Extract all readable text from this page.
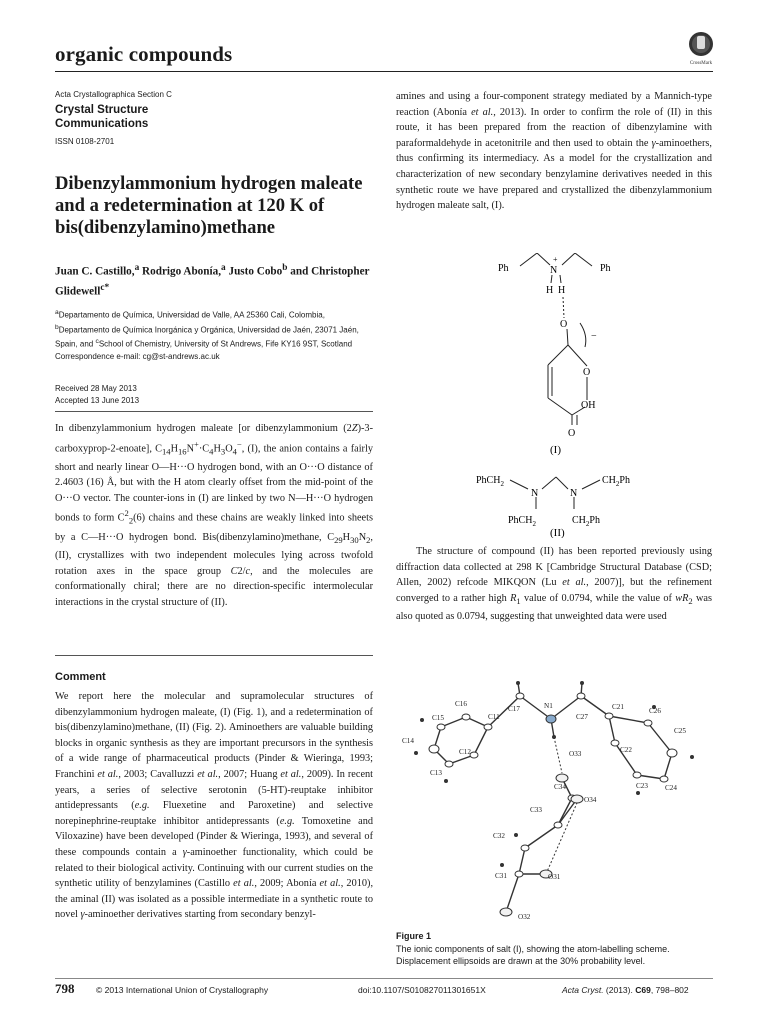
organic compounds	CrossMark
Acta Crystallographica Section C
Crystal Structure Communications
ISSN 0108-2701
Dibenzylammonium hydrogen maleate and a redetermination at 120 K of bis(dibenzylamino)methane
Juan C. Castillo,$^a$ Rodrigo Abonía,$^a$ Justo Cobo$^b$ and Christopher Glidewell$^{c*}$
$^a$Departamento de Química, Universidad de Valle, AA 25360 Cali, Colombia, $^b$Departamento de Química Inorgánica y Orgánica, Universidad de Jaén, 23071 Jaén, Spain, and $^c$School of Chemistry, University of St Andrews, Fife KY16 9ST, Scotland
Correspondence e-mail: cg@st-andrews.ac.uk
Received 28 May 2013
Accepted 13 June 2013
In dibenzylammonium hydrogen maleate [or dibenzylammonium (2Z)-3-carboxyprop-2-enoate], $C_{14}H_{16}N^+\cdot C_4H_3O_4^-$, (I), the anion contains a fairly short and nearly linear O—H···O hydrogen bond, with an O···O distance of 2.4603 (16) Å, but with the H atom clearly offset from the mid-point of the O···O vector. The counter-ions in (I) are linked by two N—H···O hydrogen bonds to form $C^2_2(6)$ chains and these chains are weakly linked into sheets by a C—H···O hydrogen bond. Bis(dibenzylamino)methane, $C_{29}H_{30}N_2$, (II), crystallizes with two independent molecules lying across twofold rotation axes in the space group C2/c, and the molecules are conformationally chiral; there are no direction-specific intermolecular interactions in the crystal structure of (II).
Comment
We report here the molecular and supramolecular structures of dibenzylammonium hydrogen maleate, (I) (Fig. 1), and a redetermination of bis(dibenzylamino)methane, (II) (Fig. 2). Aminoethers are valuable building blocks in organic synthesis as they are important precursors in the synthesis of a wide range of pharmaceutical products (Pinder & Wieringa, 1993; Franchini et al., 2003; Cavalluzzi et al., 2007; Huang et al., 2009). In recent years, a series of selective serotonin (5-HT)-reuptake inhibitor antidepressants (e.g. Fluexetine and Paroxetine) and selective norepinephrine-reuptake inhibitor antidepressants (e.g. Tomoxetine and Viloxazine) have been developed (Pinder & Wieringa, 1993), and several of these compounds contain a γ-aminoether functionality, which could be related to their biological activity. Continuing with our current studies on the synthetic utility of benzylamines (Castillo et al., 2009; Abonía et al., 2010), the aminal (II) was isolated as a possible intermediate in a synthetic route to novel γ-aminoether derivatives starting from secondary benzyl-
amines and using a four-component strategy mediated by a Mannich-type reaction (Abonía et al., 2013). In order to confirm the role of (II) in this route, it has been prepared from the reaction of dibenzylamine with paraformaldehyde in acetonitrile and then used to obtain the γ-aminoethers, thus confirming its intermediacy. As a model for the crystallization and characterization of new secondary benzylamine derivatives needed in this synthetic route we have prepared and crystallized the dibenzylammonium hydrogen maleate salt, (I).
Ph	Ph
N
+
H H
O
−
O
OH
O
(I)
PhCH$_2$	$CH_2Ph$
N	N
PhCH$_2$	$CH_2Ph$
(II)
The structure of compound (II) has been reported previously using diffraction data collected at 298 K [Cambridge Structural Database (CSD; Allen, 2002) refcode MIKQON (Lu et al., 2007)], but the refinement converged to a rather high $R_1$ value of 0.0794, while the value of $wR_2$ was also quoted as 0.0794, suggesting that unweighted data were used
C16
C17	N1
C27
C21	C26
C15	C11
C25
C14
C12	O33	C22
C13
C23 C24
C34
O34
C33
C32
C31	O31
O32
Figure 1
The ionic components of salt (I), showing the atom-labelling scheme. Displacement ellipsoids are drawn at the 30% probability level.
798	© 2013 International Union of Crystallography	doi:10.1107/S010827011301651X	Acta Cryst. (2013). C69, 798–802
